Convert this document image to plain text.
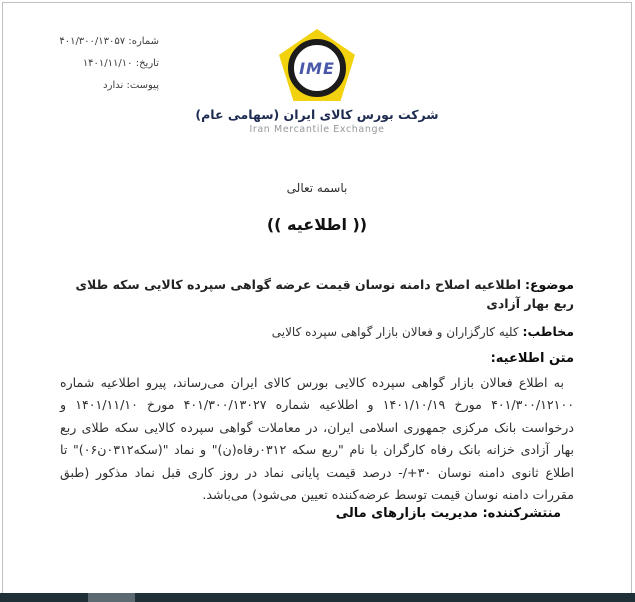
شماره: ۴۰۱/۳۰۰/۱۳۰۵۷
تاریخ: ۱۴۰۱/۱۱/۱۰
پیوست: ندارد
IME
شرکت بورس کالای ایران (سهامی عام)
Iran Mercantile Exchange
باسمه تعالی
(( اطلاعیه ))
موضوع: اطلاعیه اصلاح دامنه نوسان قیمت عرضه گواهی سپرده کالایی سکه طلای ربع بهار آزادی
مخاطب: کلیه کارگزاران و فعالان بازار گواهی سپرده کالایی
متن اطلاعیه:
به اطلاع فعالان بازار گواهی سپرده کالایی بورس کالای ایران می‌رساند، پیرو اطلاعیه شماره ۴۰۱/۳۰۰/۱۲۱۰۰ مورخ ۱۴۰۱/۱۰/۱۹ و اطلاعیه شماره ۴۰۱/۳۰۰/۱۳۰۲۷ مورخ ۱۴۰۱/۱۱/۱۰ و درخواست بانک مرکزی جمهوری اسلامی ایران، در معاملات گواهی سپرده کالایی سکه طلای ربع بهار آزادی خزانه بانک رفاه کارگران با نام "ربع سکه ۰۳۱۲رفاه(ن)" و نماد "(سکه۰۳۱۲ن۰۶)" تا اطلاع ثانوی دامنه نوسان ۳۰+/- درصد قیمت پایانی نماد در روز کاری قبل نماد مذکور (طبق مقررات دامنه نوسان قیمت توسط عرضه‌کننده تعیین می‌شود) می‌باشد.
منتشرکننده: مدیریت بازارهای مالی
